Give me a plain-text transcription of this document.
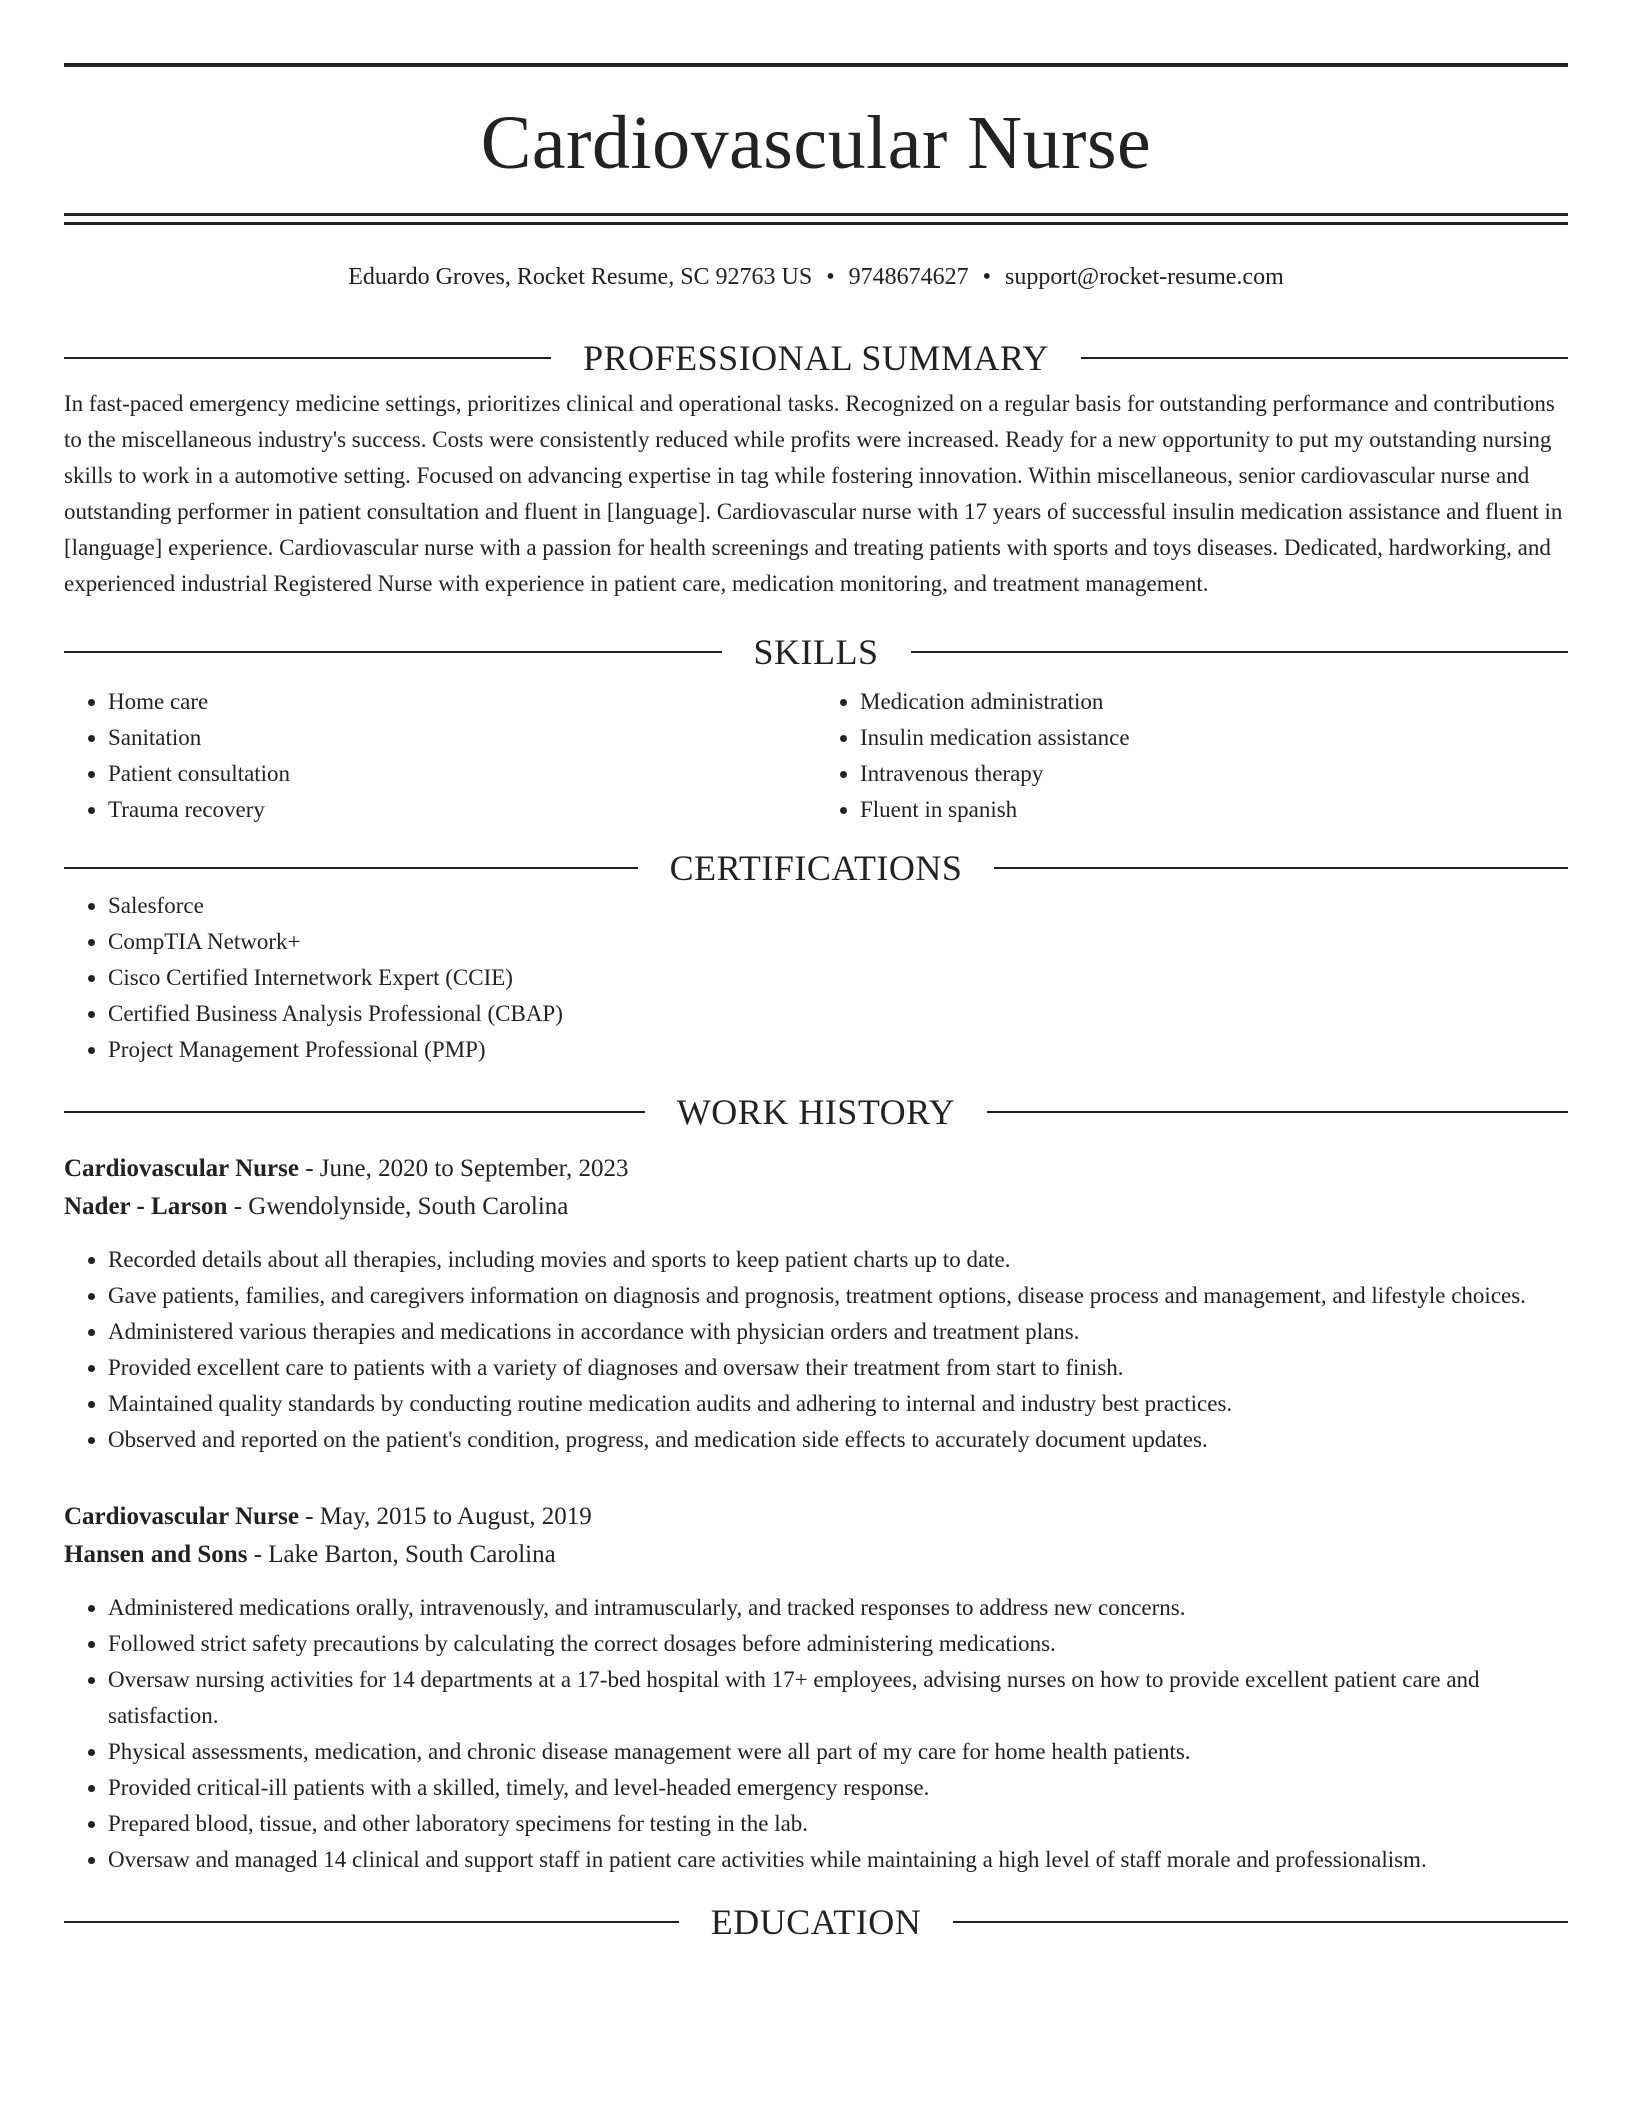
Cardiovascular Nurse
Eduardo Groves, Rocket Resume, SC 92763 US • 9748674627 • support@rocket-resume.com
PROFESSIONAL SUMMARY
In fast-paced emergency medicine settings, prioritizes clinical and operational tasks. Recognized on a regular basis for outstanding performance and contributions to the miscellaneous industry's success. Costs were consistently reduced while profits were increased. Ready for a new opportunity to put my outstanding nursing skills to work in a automotive setting. Focused on advancing expertise in tag while fostering innovation. Within miscellaneous, senior cardiovascular nurse and outstanding performer in patient consultation and fluent in [language]. Cardiovascular nurse with 17 years of successful insulin medication assistance and fluent in [language] experience. Cardiovascular nurse with a passion for health screenings and treating patients with sports and toys diseases. Dedicated, hardworking, and experienced industrial Registered Nurse with experience in patient care, medication monitoring, and treatment management.
SKILLS
• Home care
• Sanitation
• Patient consultation
• Trauma recovery
• Medication administration
• Insulin medication assistance
• Intravenous therapy
• Fluent in spanish
CERTIFICATIONS
• Salesforce
• CompTIA Network+
• Cisco Certified Internetwork Expert (CCIE)
• Certified Business Analysis Professional (CBAP)
• Project Management Professional (PMP)
WORK HISTORY
Cardiovascular Nurse - June, 2020 to September, 2023
Nader - Larson - Gwendolynside, South Carolina
• Recorded details about all therapies, including movies and sports to keep patient charts up to date.
• Gave patients, families, and caregivers information on diagnosis and prognosis, treatment options, disease process and management, and lifestyle choices.
• Administered various therapies and medications in accordance with physician orders and treatment plans.
• Provided excellent care to patients with a variety of diagnoses and oversaw their treatment from start to finish.
• Maintained quality standards by conducting routine medication audits and adhering to internal and industry best practices.
• Observed and reported on the patient's condition, progress, and medication side effects to accurately document updates.
Cardiovascular Nurse - May, 2015 to August, 2019
Hansen and Sons - Lake Barton, South Carolina
• Administered medications orally, intravenously, and intramuscularly, and tracked responses to address new concerns.
• Followed strict safety precautions by calculating the correct dosages before administering medications.
• Oversaw nursing activities for 14 departments at a 17-bed hospital with 17+ employees, advising nurses on how to provide excellent patient care and satisfaction.
• Physical assessments, medication, and chronic disease management were all part of my care for home health patients.
• Provided critical-ill patients with a skilled, timely, and level-headed emergency response.
• Prepared blood, tissue, and other laboratory specimens for testing in the lab.
• Oversaw and managed 14 clinical and support staff in patient care activities while maintaining a high level of staff morale and professionalism.
EDUCATION
